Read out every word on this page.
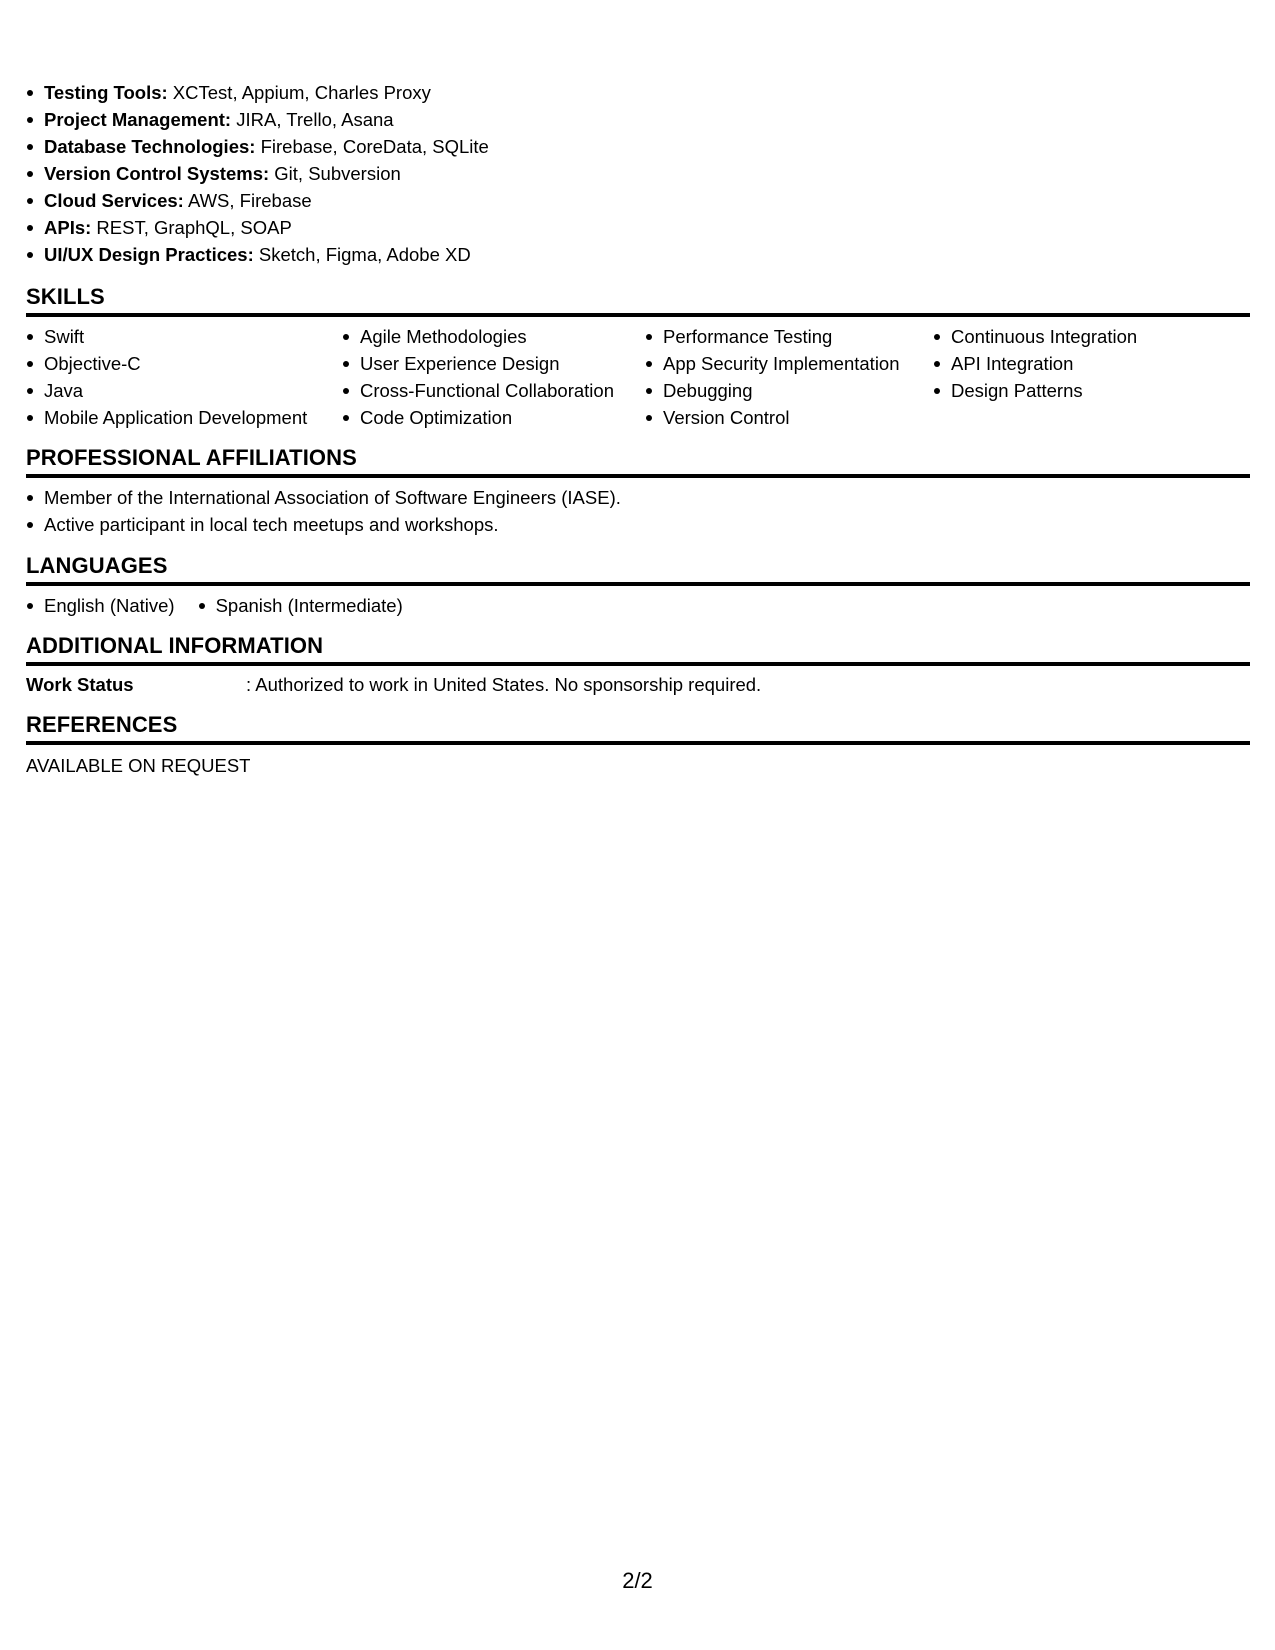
Testing Tools: XCTest, Appium, Charles Proxy
Project Management: JIRA, Trello, Asana
Database Technologies: Firebase, CoreData, SQLite
Version Control Systems: Git, Subversion
Cloud Services: AWS, Firebase
APIs: REST, GraphQL, SOAP
UI/UX Design Practices: Sketch, Figma, Adobe XD
SKILLS
Swift
Objective-C
Java
Mobile Application Development
Agile Methodologies
User Experience Design
Cross-Functional Collaboration
Code Optimization
Performance Testing
App Security Implementation
Debugging
Version Control
Continuous Integration
API Integration
Design Patterns
PROFESSIONAL AFFILIATIONS
Member of the International Association of Software Engineers (IASE).
Active participant in local tech meetups and workshops.
LANGUAGES
English (Native)	Spanish (Intermediate)
ADDITIONAL INFORMATION
Work Status	: Authorized to work in United States. No sponsorship required.
REFERENCES
AVAILABLE ON REQUEST
2/2
